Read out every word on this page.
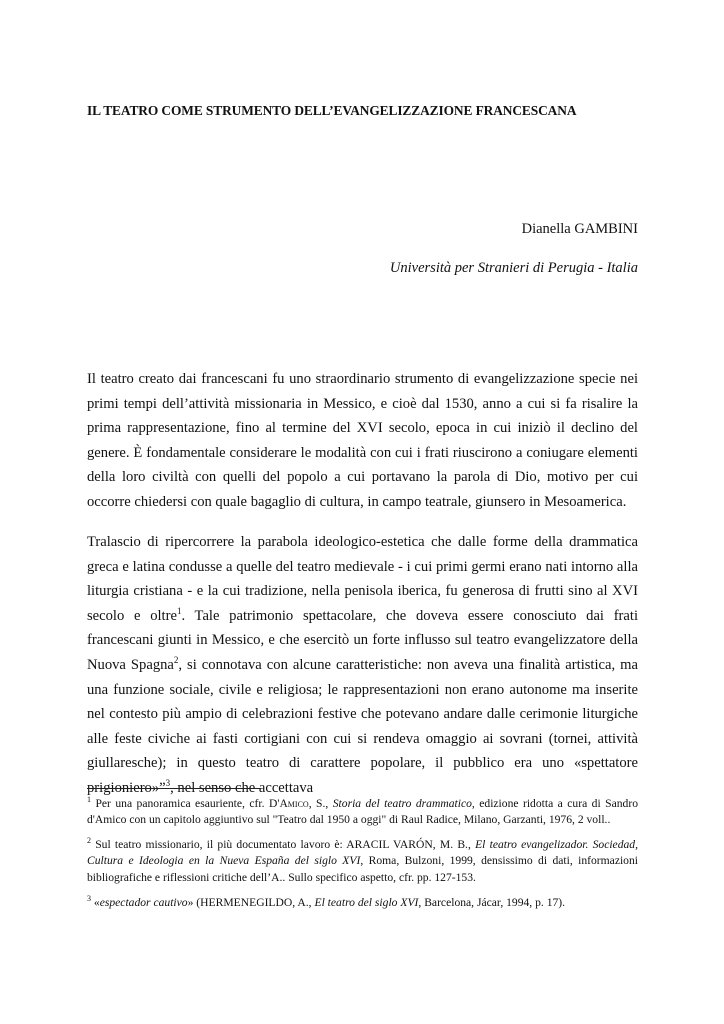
IL TEATRO COME STRUMENTO DELL’EVANGELIZZAZIONE FRANCESCANA
Dianella GAMBINI
Università per Stranieri di Perugia - Italia

Il teatro creato dai francescani fu uno straordinario strumento di evangelizzazione specie nei primi tempi dell’attività missionaria in Messico, e cioè dal 1530, anno a cui si fa risalire la prima rappresentazione, fino al termine del XVI secolo, epoca in cui iniziò il declino del genere. È fondamentale considerare le modalità con cui i frati riuscirono a coniugare elementi della loro civiltà con quelli del popolo a cui portavano la parola di Dio, motivo per cui occorre chiedersi con quale bagaglio di cultura, in campo teatrale, giunsero in Mesoamerica.

Tralascio di ripercorrere la parabola ideologico-estetica che dalle forme della drammatica greca e latina condusse a quelle del teatro medievale - i cui primi germi erano nati intorno alla liturgia cristiana - e la cui tradizione, nella penisola iberica, fu generosa di frutti sino al XVI secolo e oltre$^1$. Tale patrimonio spettacolare, che doveva essere conosciuto dai frati francescani giunti in Messico, e che esercitò un forte influsso sul teatro evangelizzatore della Nuova Spagna$^2$, si connotava con alcune caratteristiche: non aveva una finalità artistica, ma una funzione sociale, civile e religiosa; le rappresentazioni non erano autonome ma inserite nel contesto più ampio di celebrazioni festive che potevano andare dalle cerimonie liturgiche alle feste civiche ai fasti cortigiani con cui si rendeva omaggio ai sovrani (tornei, attività giullaresche); in questo teatro di carattere popolare, il pubblico era uno «spettatore prigioniero»”$^3$, nel senso che accettava

$^1$ Per una panoramica esauriente, cfr. D'Amico, S., Storia del teatro drammatico, edizione ridotta a cura di Sandro d'Amico con un capitolo aggiuntivo sul "Teatro dal 1950 a oggi" di Raul Radice, Milano, Garzanti, 1976, 2 voll..

$^2$ Sul teatro missionario, il più documentato lavoro è: ARACIL VARÓN, M. B., El teatro evangelizador. Sociedad, Cultura e Ideologia en la Nueva España del siglo XVI, Roma, Bulzoni, 1999, densissimo di dati, informazioni bibliografiche e riflessioni critiche dell’A.. Sullo specifico aspetto, cfr. pp. 127-153.

$^3$ «espectador cautivo» (HERMENEGILDO, A., El teatro del siglo XVI, Barcelona, Jácar, 1994, p. 17).
